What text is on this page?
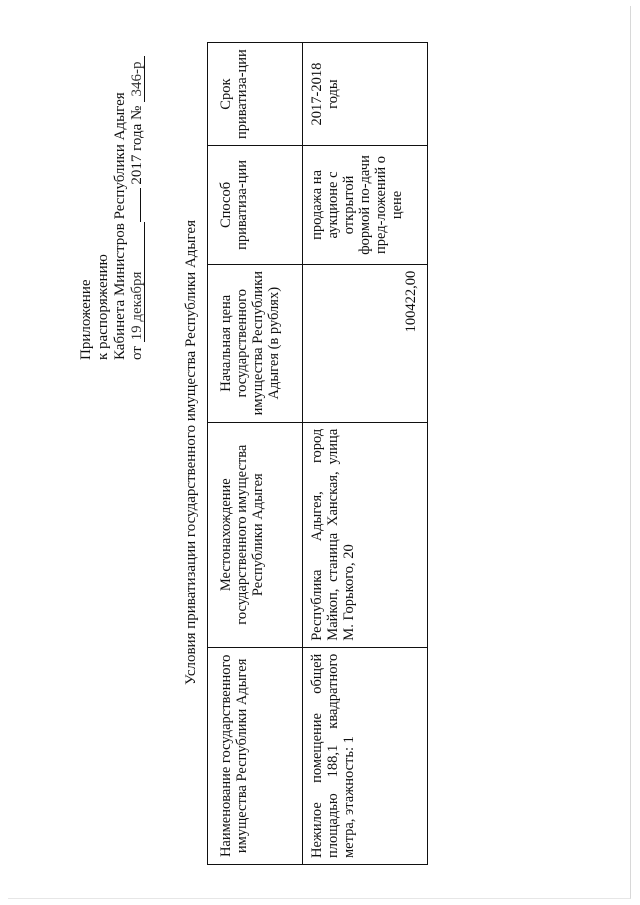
Приложение к распоряжению Кабинета Министров Республики Адыгея от 19 декабря 2017 года № 346-р
Условия приватизации государственного имущества Республики Адыгея
Наименование государственного имущества Республики Адыгея	Местонахождение государственного имущества Республики Адыгея	Начальная цена государственного имущества Республики Адыгея (в рублях)	Способ приватиза-ции	Срок приватиза-ции
Нежилое помещение общей площадью 188,1 квадратного метра, этажность: 1	Республика Адыгея, город Майкоп, станица Ханская, улица М. Горького, 20	100422,00	продажа на аукционе с открытой формой по-дачи пред-ложений о цене	2017-2018 годы
